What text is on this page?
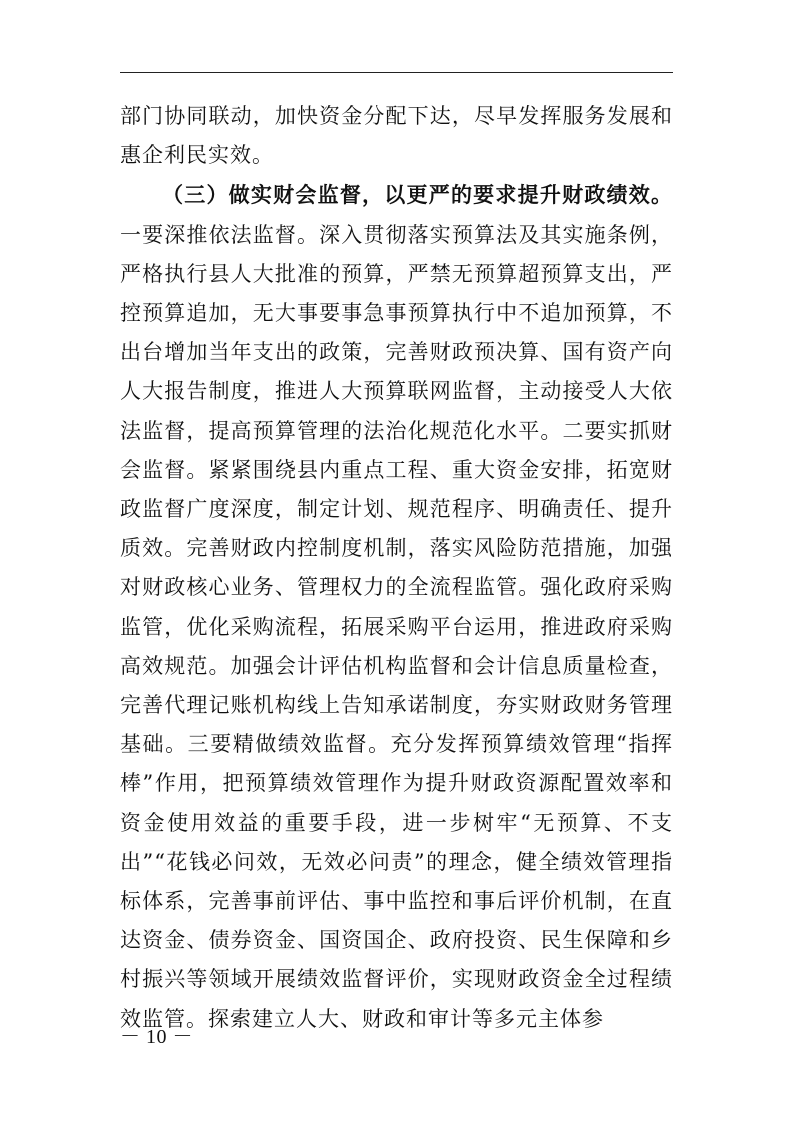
部门协同联动，加快资金分配下达，尽早发挥服务发展和惠企利民实效。

（三）做实财会监督，以更严的要求提升财政绩效。一要深推依法监督。深入贯彻落实预算法及其实施条例，严格执行县人大批准的预算，严禁无预算超预算支出，严控预算追加，无大事要事急事预算执行中不追加预算，不出台增加当年支出的政策，完善财政预决算、国有资产向人大报告制度，推进人大预算联网监督，主动接受人大依法监督，提高预算管理的法治化规范化水平。二要实抓财会监督。紧紧围绕县内重点工程、重大资金安排，拓宽财政监督广度深度，制定计划、规范程序、明确责任、提升质效。完善财政内控制度机制，落实风险防范措施，加强对财政核心业务、管理权力的全流程监管。强化政府采购监管，优化采购流程，拓展采购平台运用，推进政府采购高效规范。加强会计评估机构监督和会计信息质量检查，完善代理记账机构线上告知承诺制度，夯实财政财务管理基础。三要精做绩效监督。充分发挥预算绩效管理“指挥棒”作用，把预算绩效管理作为提升财政资源配置效率和资金使用效益的重要手段，进一步树牢“无预算、不支出”“花钱必问效，无效必问责”的理念，健全绩效管理指标体系，完善事前评估、事中监控和事后评价机制，在直达资金、债券资金、国资国企、政府投资、民生保障和乡村振兴等领域开展绩效监督评价，实现财政资金全过程绩效监管。探索建立人大、财政和审计等多元主体参

－ 10 －
